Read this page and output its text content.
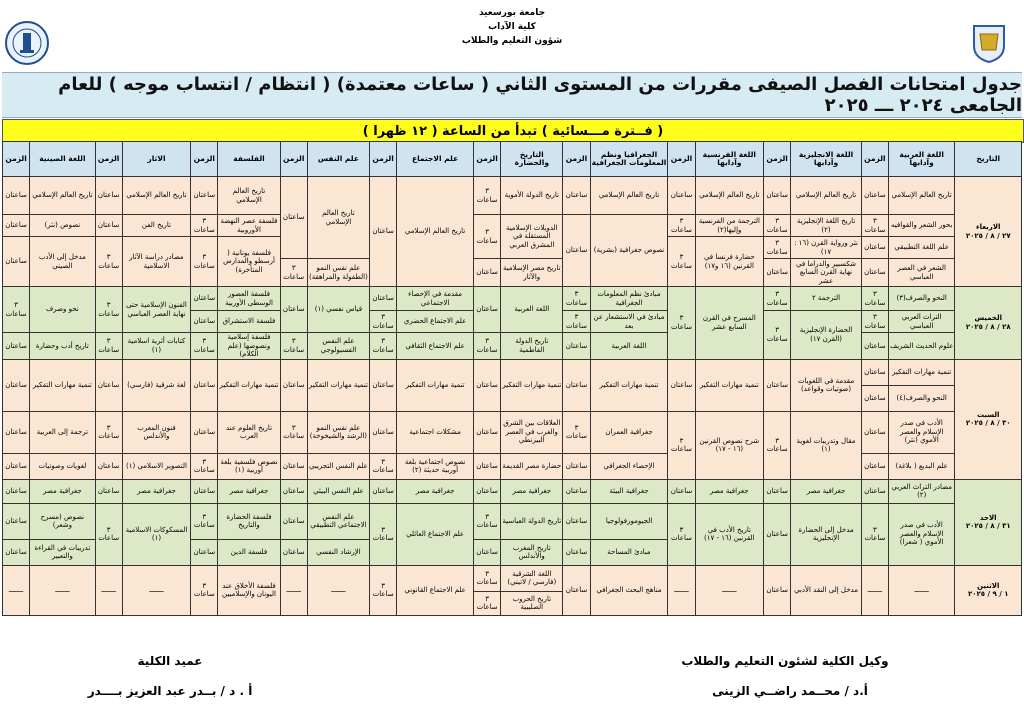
جامعة بورسعيد
كلية الآداب
شؤون التعليم والطلاب
جدول امتحانات الفصل الصيفى مقررات من المستوى الثاني ( ساعات معتمدة) ( انتظام / انتساب موجه ) للعام الجامعى ٢٠٢٤ ـــ ٢٠٢٥
( فــترة مـــسائية ) تبدأ من الساعة ( ١٢ ظهرا )
التاريخ	اللغة العربية وآدابها	الزمن	اللغة الانجليزية وآدابها	الزمن	اللغة الفرنسية وآدابها	الزمن	الجغرافيا ونظم المعلومات الجغرافية	الزمن	التاريخ والحضارة	الزمن	علم الاجتماع	الزمن	علم النفس	الزمن	الفلسفة	الزمن	الاثار	الزمن	اللغة الصينية	الزمن

الاربعاء
٢٧ / ٨ / ٢٠٢٥	تاريخ العالم الإسلامي	ساعتان	تاريخ العالم الإسلامي	ساعتان	تاريخ العالم الإسلامي	ساعتان	تاريخ العالم الإسلامي	ساعتان	تاريخ الدولة الأموية	٣ ساعات	تاريخ العالم الإسلامي	ساعتان	تاريخ العالم الإسلامي	ساعتان	تاريخ العالم الإسلامي	ساعتان	تاريخ العالم الإسلامي	ساعتان	تاريخ العالم الإسلامي	ساعتان
	بحور الشعر والقوافيه	٣ ساعات	تاريخ اللغة الإنجليزية (٢)	٣ ساعات	الترجمة من الفرنسية وإليها(٢)	٣ ساعات	نصوص جغرافية (بشرية)	ساعتان	الدويلات الإسلامية المستقلة في المشرق العربي	٣ ساعات					فلسفة عصر النهضة الأوروبية	٣ ساعات	تاريخ الفن	ساعتان	نصوص (نثر)	ساعتان
	علم اللغة التطبيقي	ساعتان	نثر ورواية القرن (١٦ : ١٧)	٣ ساعات	حضارة فرنسا في القرنين (١٦ و١٧)	٣ ساعات									فلسفة يونانية ( أرسطو والمدارس المتأخرة)	٣ ساعات	مصادر دراسة الآثار الاسلامية	٣ ساعات	مدخل إلى الأدب الصيني	ساعتان
	الشعر في العصر العباسي	ساعتان	شكسبير والدراما في نهاية القرن السابع عشر	ساعتان					تاريخ مصر الإسلامية والآثار	ساعتان			علم نفس النمو (الطفولة والمراهقة)	٣ ساعات						

الخميس
٢٨ / ٨ / ٢٠٢٥	النحو والصرف(٣)	٣ ساعات	الترجمة ٢	٣ ساعات	المسرح في القرن السابع عشر	٣ ساعات	مبادئ نظم المعلومات الجغرافية	٣ ساعات	اللغة العربية	ساعتان	مقدمة في الإحصاء الاجتماعي	ساعتان	قياس نفسي (١)	ساعتان	فلسفة العصور الوسطى الأوربية	ساعتان	الفنون الإسلامية حتى نهاية العصر العباسي	٣ ساعات	نحو وصرف	٣ ساعات
	التراث العربي العباسي	٣ ساعات	الحضارة الإنجليزية (القرن ١٧)	٣ ساعات			مبادئ في الاستشعار عن بعد	٣ ساعات			علم الاجتماع الحضري	٣ ساعات			فلسفة الاستشراق	ساعتان				
	علوم الحديث الشريف	ساعتان					اللغة العربية	ساعتان	تاريخ الدولة الفاطمية	٣ ساعات	علم الاجتماع الثقافي	٣ ساعات	علم النفس الفسيولوجي	٣ ساعات	فلسفة إسلامية ونصوصها (علم الكلام)	٣ ساعات	كتابات أثرية اسلامية (١)	٣ ساعات	تاريخ أدب وحضارة	ساعتان

السبت
٣٠ / ٨ / ٢٠٢٥	تنمية مهارات التفكير	ساعتان	مقدمة في اللغويات (صوتيات وقواعد)	ساعتان	تنمية مهارات التفكير	ساعتان	تنمية مهارات التفكير	ساعتان	تنمية مهارات التفكير	ساعتان	تنمية مهارات التفكير	ساعتان	تنمية مهارات التفكير	ساعتان	تنمية مهارات التفكير	ساعتان	لغة شرقية (فارسي)	ساعتان	تنمية مهارات التفكير	ساعتان
	النحو والصرف(٤)	ساعتان																		
	الأدب في صدر الإسلام والعصر الأموي (نثر)	ساعتان	مقال وتدريبات لغوية (١)	٣ ساعات	شرح نصوص القرنين (١٦ - ١٧)	٣ ساعات	جغرافية العمران	٣ ساعات	العلاقات بين الشرق والغرب في العصر البيزنطي	ساعتان	مشكلات اجتماعية	ساعتان	علم نفس النمو (الرشد والشيخوخة)	٣ ساعات	تاريخ العلوم عند العرب	ساعتان	فنون المغرب والأندلس	٣ ساعات	ترجمة إلى العربية	ساعتان
	علم البديع ( بلاغة)	ساعتان					الإحصاء الجغرافي	ساعتان	حضارة مصر القديمة	ساعتان	نصوص اجتماعية بلغة أوربية حديثة (٢)	٣ ساعات	علم النفس التجريبي	ساعتان	نصوص فلسفية بلغة أوربية (١)	٣ ساعات	التصوير الاسلامي (١)	ساعتان	لغويات وصوتيات	ساعتان

الاحد
٣١ / ٨ / ٢٠٢٥	مصادر التراث العربي (٢)	ساعتان	جغرافية مصر	ساعتان	جغرافية مصر	ساعتان	جغرافية البيئة	ساعتان	جغرافية مصر	ساعتان	جغرافية مصر	ساعتان	علم النفس البيئي	ساعتان	جغرافية مصر	ساعتان	جغرافية مصر	ساعتان	جغرافية مصر	ساعتان
	الأدب في صدر الإسلام والعصر الأموي ( شعرا)	٣ ساعات	مدخل إلى الحضارة الإنجليزية	ساعتان	تاريخ الأدب في القرنين (١٦ - ١٧)	٣ ساعات	الجيومورفولوجيا	ساعتان	تاريخ الدولة العباسية	٣ ساعات	علم الاجتماع العائلي	٣ ساعات	علم النفس الاجتماعي التطبيقي	ساعتان	فلسفة الحضارة والتاريخ	٣ ساعات	المسكوكات الاسلامية (١)	٣ ساعات	نصوص (مسرح وشعر)	ساعتان
							مبادئ المساحة	ساعتان	تاريخ المغرب والأندلس	ساعتان			الإرشاد النفسي	ساعتان	فلسفة الدين	ساعتان			تدريبات في القراءة والتعبير	ساعتان

الاثنين
١ / ٩ / ٢٠٢٥	ـــــــ	ـــــــ	مدخل إلى النقد الأدبي	ساعتان	ـــــــ	ـــــــ	مناهج البحث الجغرافي	ساعتان	اللغة الشرقية (فارسي / لاتيني)	٣ ساعات	علم الاجتماع القانوني	٣ ساعات	ـــــــ	ـــــــ	فلسفة الأخلاق عند اليونان والإسلاميين	٣ ساعات	ـــــــ	ـــــــ	ـــــــ	ـــــــ
									تاريخ الحروب الصليبية	٣ ساعات										
وكيل الكلية لشئون التعليم والطلاب
أ.د / محــمد راضــي الزينى
عميد الكلية
أ . د / بــدر عبد العزيز بــــدر
